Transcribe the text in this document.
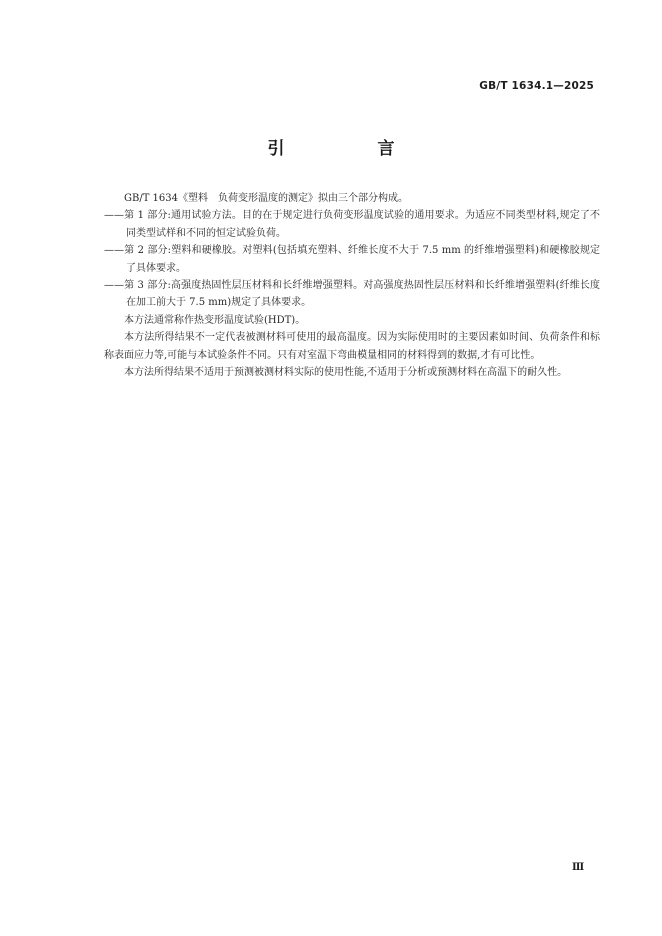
GB/T 1634.1—2025
引　言

GB/T 1634《塑料　负荷变形温度的测定》拟由三个部分构成。

——第 1 部分:通用试验方法。目的在于规定进行负荷变形温度试验的通用要求。为适应不同类型材料,规定了不同类型试样和不同的恒定试验负荷。

——第 2 部分:塑料和硬橡胶。对塑料(包括填充塑料、纤维长度不大于 7.5 mm 的纤维增强塑料)和硬橡胶规定了具体要求。

——第 3 部分:高强度热固性层压材料和长纤维增强塑料。对高强度热固性层压材料和长纤维增强塑料(纤维长度在加工前大于 7.5 mm)规定了具体要求。

本方法通常称作热变形温度试验(HDT)。

本方法所得结果不一定代表被测材料可使用的最高温度。因为实际使用时的主要因素如时间、负荷条件和标称表面应力等,可能与本试验条件不同。只有对室温下弯曲模量相同的材料得到的数据,才有可比性。

本方法所得结果不适用于预测被测材料实际的使用性能,不适用于分析或预测材料在高温下的耐久性。

Ⅲ
